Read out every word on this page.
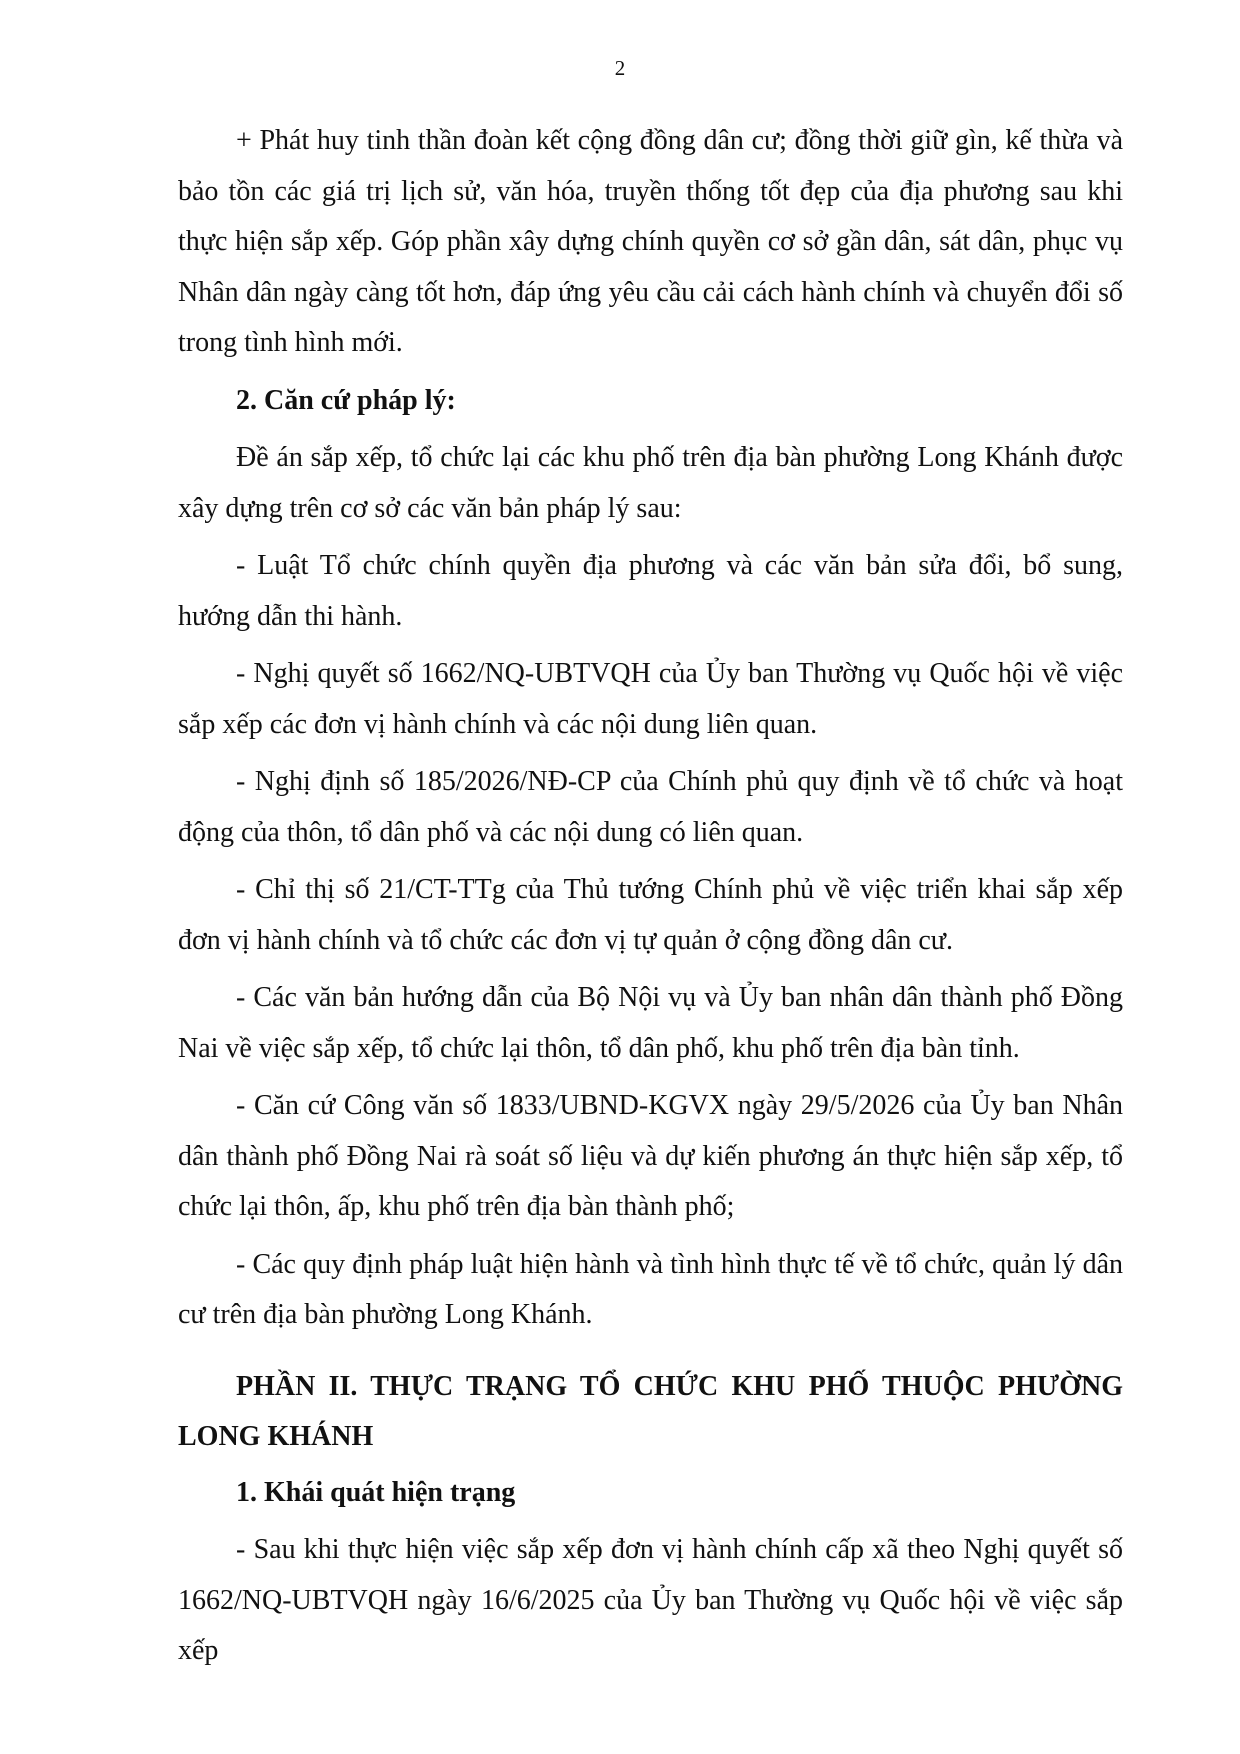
2

+ Phát huy tinh thần đoàn kết cộng đồng dân cư; đồng thời giữ gìn, kế thừa và bảo tồn các giá trị lịch sử, văn hóa, truyền thống tốt đẹp của địa phương sau khi thực hiện sắp xếp. Góp phần xây dựng chính quyền cơ sở gần dân, sát dân, phục vụ Nhân dân ngày càng tốt hơn, đáp ứng yêu cầu cải cách hành chính và chuyển đổi số trong tình hình mới.

2. Căn cứ pháp lý:

Đề án sắp xếp, tổ chức lại các khu phố trên địa bàn phường Long Khánh được xây dựng trên cơ sở các văn bản pháp lý sau:

- Luật Tổ chức chính quyền địa phương và các văn bản sửa đổi, bổ sung, hướng dẫn thi hành.

- Nghị quyết số 1662/NQ-UBTVQH của Ủy ban Thường vụ Quốc hội về việc sắp xếp các đơn vị hành chính và các nội dung liên quan.

- Nghị định số 185/2026/NĐ-CP của Chính phủ quy định về tổ chức và hoạt động của thôn, tổ dân phố và các nội dung có liên quan.

- Chỉ thị số 21/CT-TTg của Thủ tướng Chính phủ về việc triển khai sắp xếp đơn vị hành chính và tổ chức các đơn vị tự quản ở cộng đồng dân cư.

- Các văn bản hướng dẫn của Bộ Nội vụ và Ủy ban nhân dân thành phố Đồng Nai về việc sắp xếp, tổ chức lại thôn, tổ dân phố, khu phố trên địa bàn tỉnh.

- Căn cứ Công văn số 1833/UBND-KGVX ngày 29/5/2026 của Ủy ban Nhân dân thành phố Đồng Nai rà soát số liệu và dự kiến phương án thực hiện sắp xếp, tổ chức lại thôn, ấp, khu phố trên địa bàn thành phố;

- Các quy định pháp luật hiện hành và tình hình thực tế về tổ chức, quản lý dân cư trên địa bàn phường Long Khánh.

PHẦN II. THỰC TRẠNG TỔ CHỨC KHU PHỐ THUỘC PHƯỜNG LONG KHÁNH

1. Khái quát hiện trạng

- Sau khi thực hiện việc sắp xếp đơn vị hành chính cấp xã theo Nghị quyết số 1662/NQ-UBTVQH ngày 16/6/2025 của Ủy ban Thường vụ Quốc hội về việc sắp xếp
